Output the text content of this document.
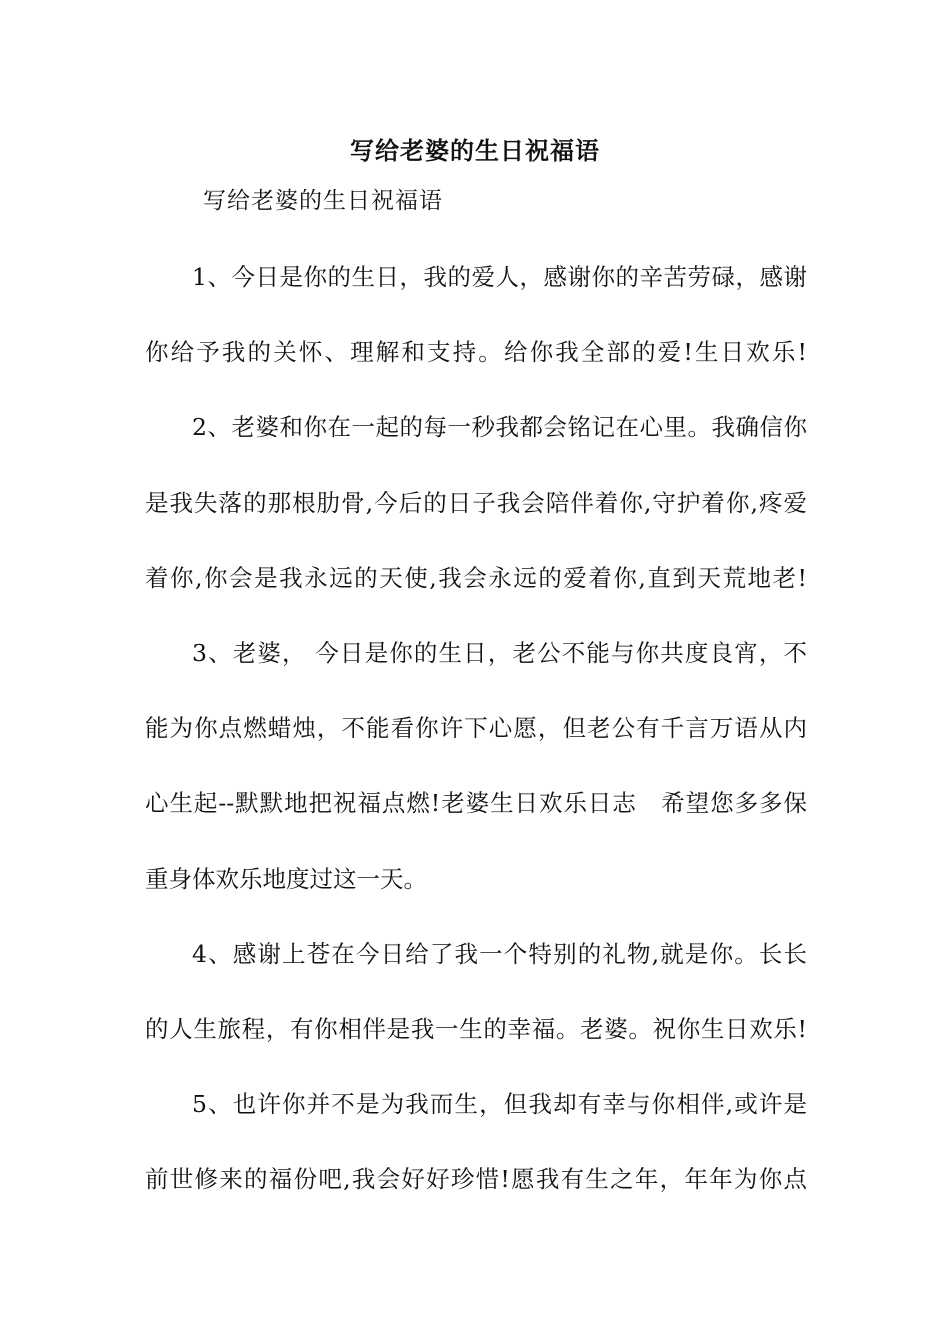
写给老婆的生日祝福语
写给老婆的生日祝福语
1、今日是你的生日，我的爱人，感谢你的辛苦劳碌，感谢
你给予我的关怀、理解和支持。给你我全部的爱!生日欢乐!
2、老婆和你在一起的每一秒我都会铭记在心里。我确信你
是我失落的那根肋骨,今后的日子我会陪伴着你,守护着你,疼爱
着你,你会是我永远的天使,我会永远的爱着你,直到天荒地老!
3、老婆， 今日是你的生日，老公不能与你共度良宵，不
能为你点燃蜡烛，不能看你许下心愿，但老公有千言万语从内
心生起--默默地把祝福点燃!老婆生日欢乐日志　希望您多多保
重身体欢乐地度过这一天。
4、感谢上苍在今日给了我一个特别的礼物,就是你。长长
的人生旅程，有你相伴是我一生的幸福。老婆。祝你生日欢乐!
5、也许你并不是为我而生，但我却有幸与你相伴,或许是
前世修来的福份吧,我会好好珍惜!愿我有生之年，年年为你点
